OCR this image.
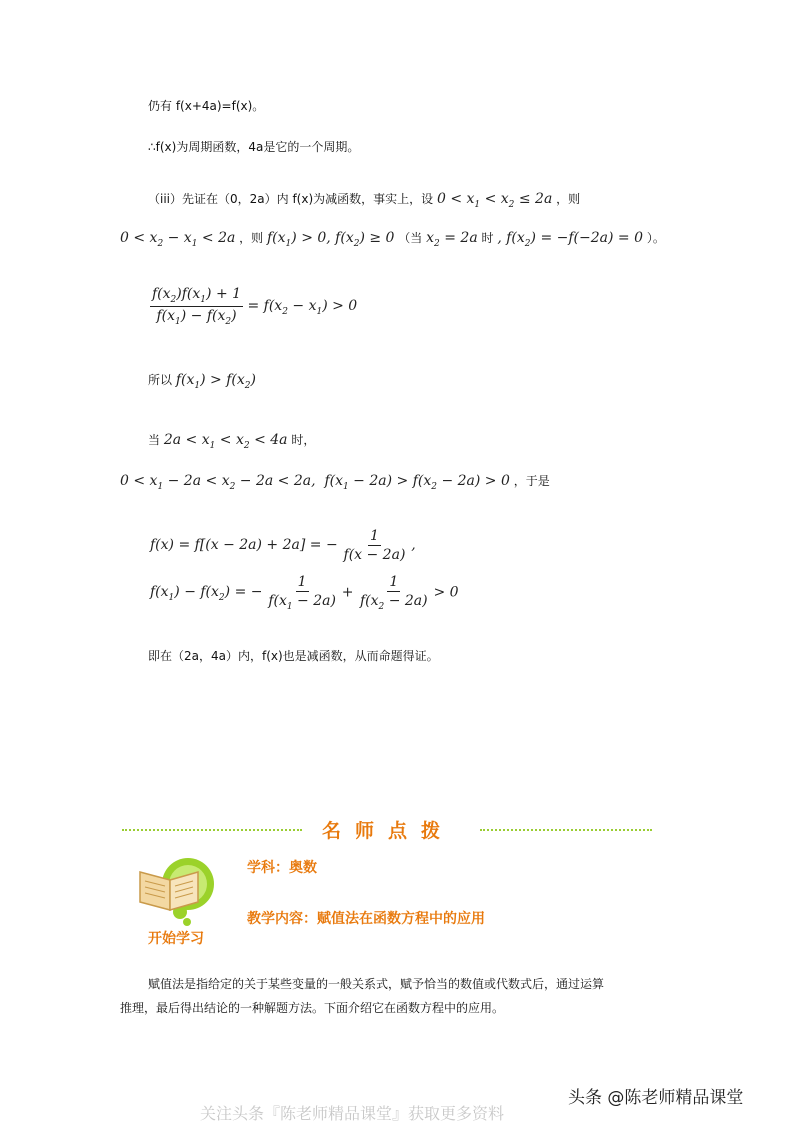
仍有 f(x+4a)=f(x)。
∴f(x)为周期函数，4a是它的一个周期。
（iii）先证在（0，2a）内 f(x)为减函数，事实上，设 $0 < x_1 < x_2 \le 2a$ ，则
$0 < x_2 - x_1 < 2a$ ，则 $f(x_1) > 0$, $f(x_2) \ge 0$ （当 $x_2 = 2a$ 时 , $f(x_2) = -f(-2a) = 0$ ）。
$\frac{f(x_2)f(x_1) + 1}{f(x_1) - f(x_2)} = f(x_2 - x_1) > 0$
所以 $f(x_1) > f(x_2)$
当 $2a < x_1 < x_2 < 4a$ 时，
$0 < x_1 - 2a < x_2 - 2a < 2a$,  $f(x_1 - 2a) > f(x_2 - 2a) > 0$ ，于是
f(x) = f[(x − 2a) + 2a] = − $\frac{1}{f(x - 2a)}$ ,
$f(x_1) - f(x_2)$ = − $\frac{1}{f(x_1 - 2a)} + \frac{1}{f(x_2 - 2a)} > 0$
即在（2a，4a）内，f(x)也是减函数，从而命题得证。
名师点拨
开始学习
学科：奥数
教学内容：赋值法在函数方程中的应用
赋值法是指给定的关于某些变量的一般关系式，赋予恰当的数值或代数式后，通过运算
推理，最后得出结论的一种解题方法。下面介绍它在函数方程中的应用。
头条 @陈老师精品课堂
关注头条『陈老师精品课堂』获取更多资料
